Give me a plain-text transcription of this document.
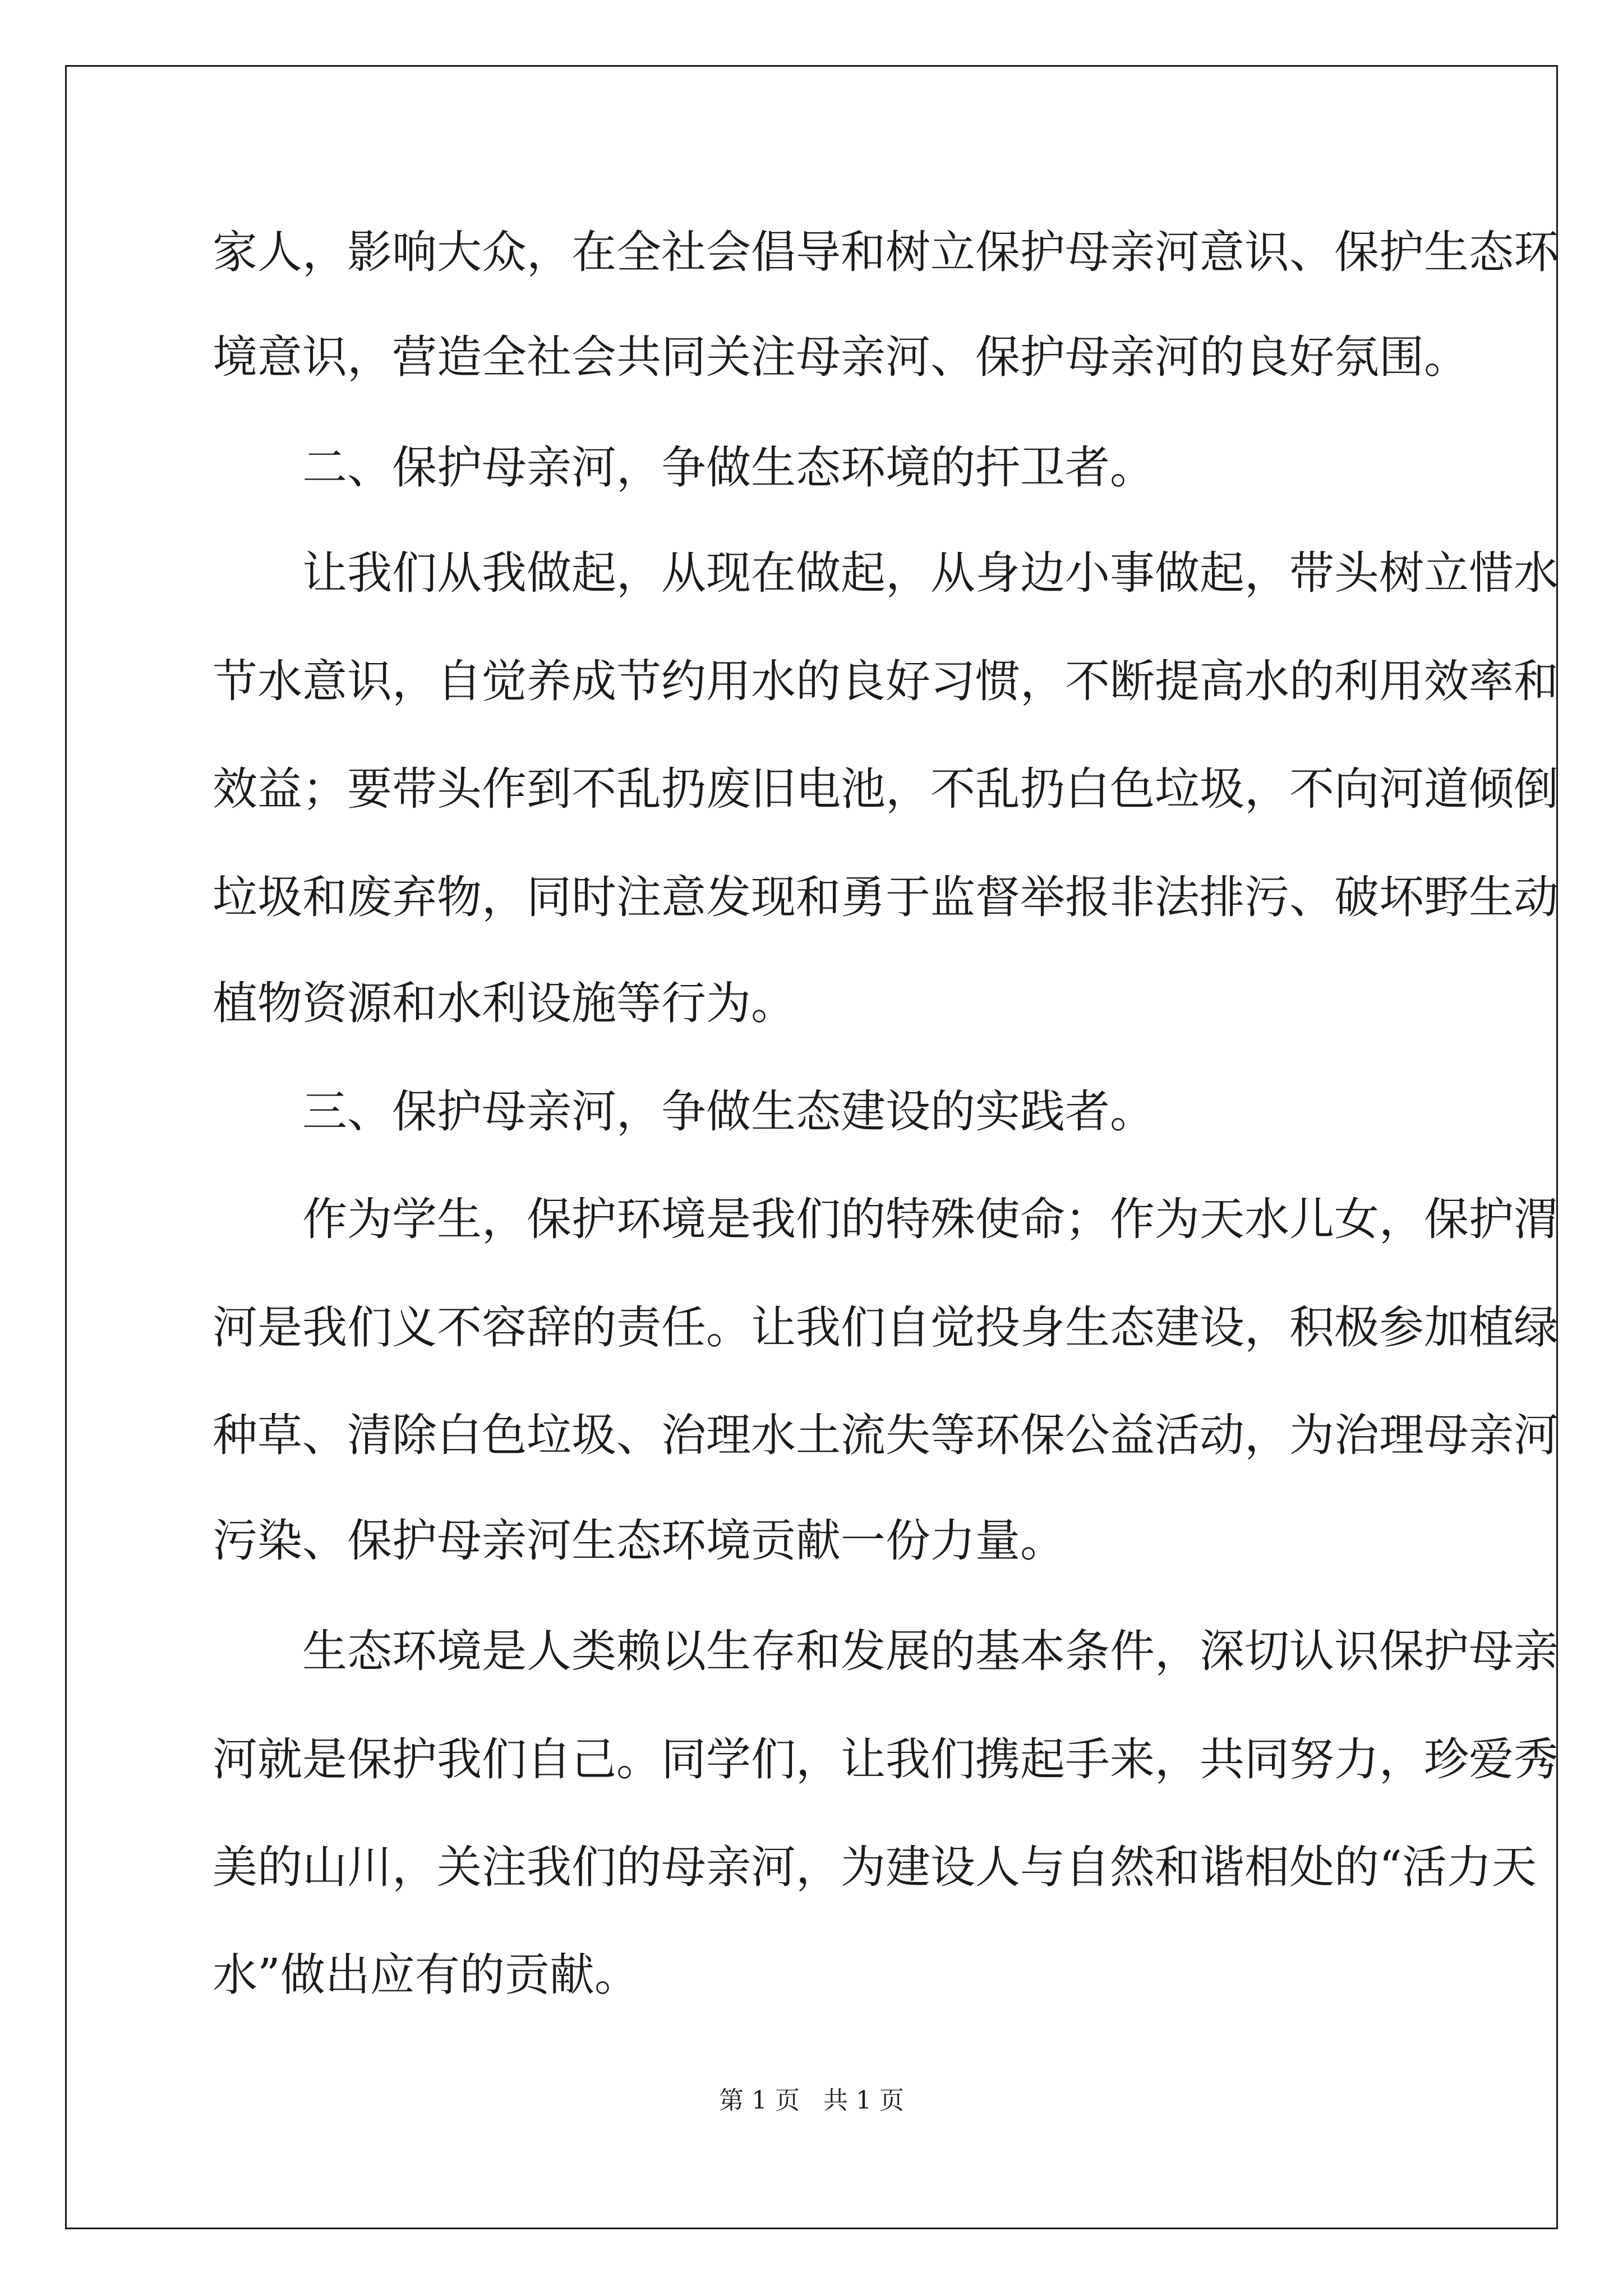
家人，影响大众，在全社会倡导和树立保护母亲河意识、保护生态环
境意识，营造全社会共同关注母亲河、保护母亲河的良好氛围。
二、保护母亲河，争做生态环境的扞卫者。
让我们从我做起，从现在做起，从身边小事做起，带头树立惜水
节水意识，自觉养成节约用水的良好习惯，不断提高水的利用效率和
效益；要带头作到不乱扔废旧电池，不乱扔白色垃圾，不向河道倾倒
垃圾和废弃物，同时注意发现和勇于监督举报非法排污、破坏野生动
植物资源和水利设施等行为。
三、保护母亲河，争做生态建设的实践者。
作为学生，保护环境是我们的特殊使命；作为天水儿女，保护渭
河是我们义不容辞的责任。让我们自觉投身生态建设，积极参加植绿
种草、清除白色垃圾、治理水土流失等环保公益活动，为治理母亲河
污染、保护母亲河生态环境贡献一份力量。
生态环境是人类赖以生存和发展的基本条件，深切认识保护母亲
河就是保护我们自己。同学们，让我们携起手来，共同努力，珍爱秀
美的山川，关注我们的母亲河，为建设人与自然和谐相处的“活力天
水”做出应有的贡献。
第 1 页   共 1 页
